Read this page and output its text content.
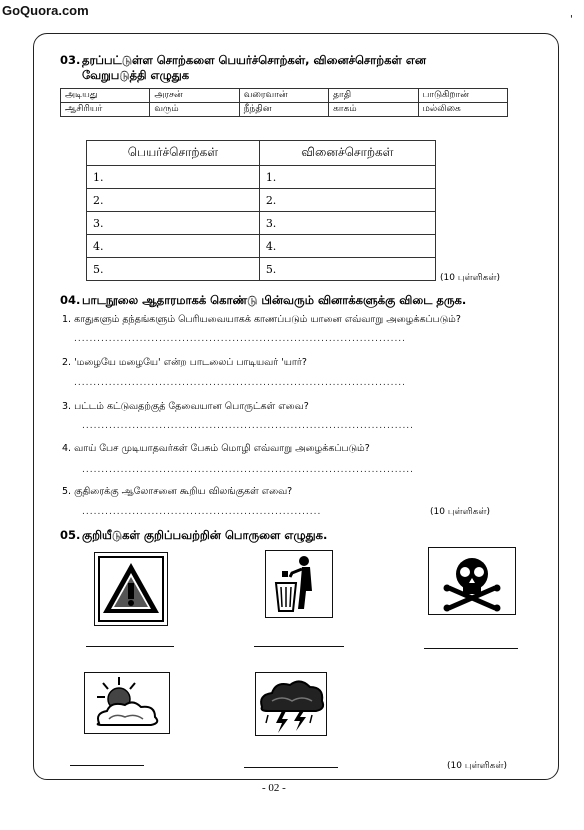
GoQuora.com
'
03. தரப்பட்டுள்ள சொற்களை பெயர்ச்சொற்கள், வினைச்சொற்கள் என
வேறுபடுத்தி எழுதுக
அடியது	அரசன்	வரைவான்	தாதி	பாடுகிறான்
ஆசிரியர்	வரும்	நீந்தின	காகம்	மல்லிகை
பெயர்ச்சொற்கள்	வினைச்சொற்கள்
1.	1.
2.	2.
3.	3.
4.	4.
5.	5.
(10 புள்ளிகள்)
04. பாடநூலை ஆதாரமாகக் கொண்டு பின்வரும் வினாக்களுக்கு விடை தருக.
1. காதுகளும் தந்தங்களும் பெரியவையாகக் காணப்படும் யானை எவ்வாறு அழைக்கப்படும்?
......................................................................................
2. 'மழையே மழையே' என்ற பாடலைப் பாடியவர் 'யார்?
......................................................................................
3. பட்டம் கட்டுவதற்குத் தேவையான பொருட்கள் எவை?
......................................................................................
4. வாய் பேச முடியாதவர்கள் பேசும் மொழி எவ்வாறு அழைக்கப்படும்?
......................................................................................
5. குதிரைக்கு ஆலோசனை கூறிய விலங்குகள் எவை?
..............................................................	(10 புள்ளிகள்)
05. குறியீடுகள் குறிப்பவற்றின் பொருளை எழுதுக.
(10 புள்ளிகள்)
- 02 -
